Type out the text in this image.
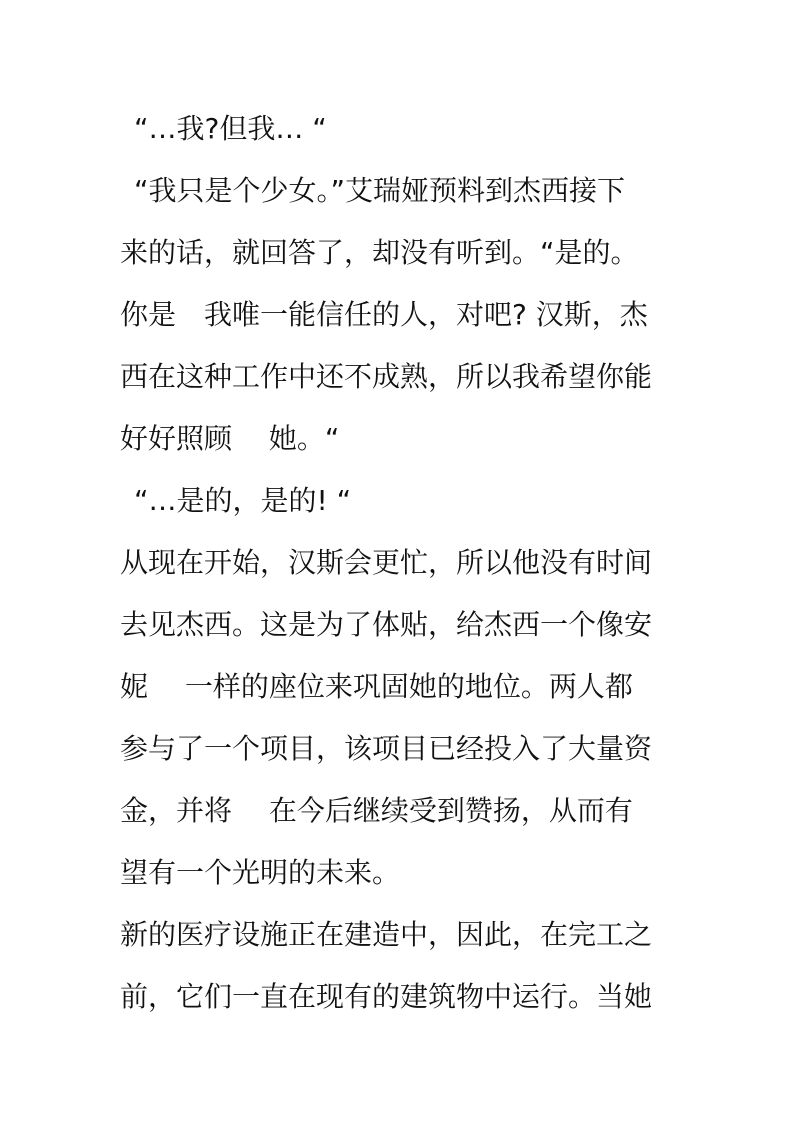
“…我?但我… “
“我只是个少女。”艾瑞娅预料到杰西接下
来的话，就回答了，却没有听到。“是的。
你是　我唯一能信任的人，对吧? 汉斯，杰
西在这种工作中还不成熟，所以我希望你能
好好照顾　 她。“
“…是的，是的! “
从现在开始，汉斯会更忙，所以他没有时间
去见杰西。这是为了体贴，给杰西一个像安
妮　 一样的座位来巩固她的地位。两人都
参与了一个项目，该项目已经投入了大量资
金，并将　 在今后继续受到赞扬，从而有
望有一个光明的未来。
新的医疗设施正在建造中，因此，在完工之
前，它们一直在现有的建筑物中运行。当她
